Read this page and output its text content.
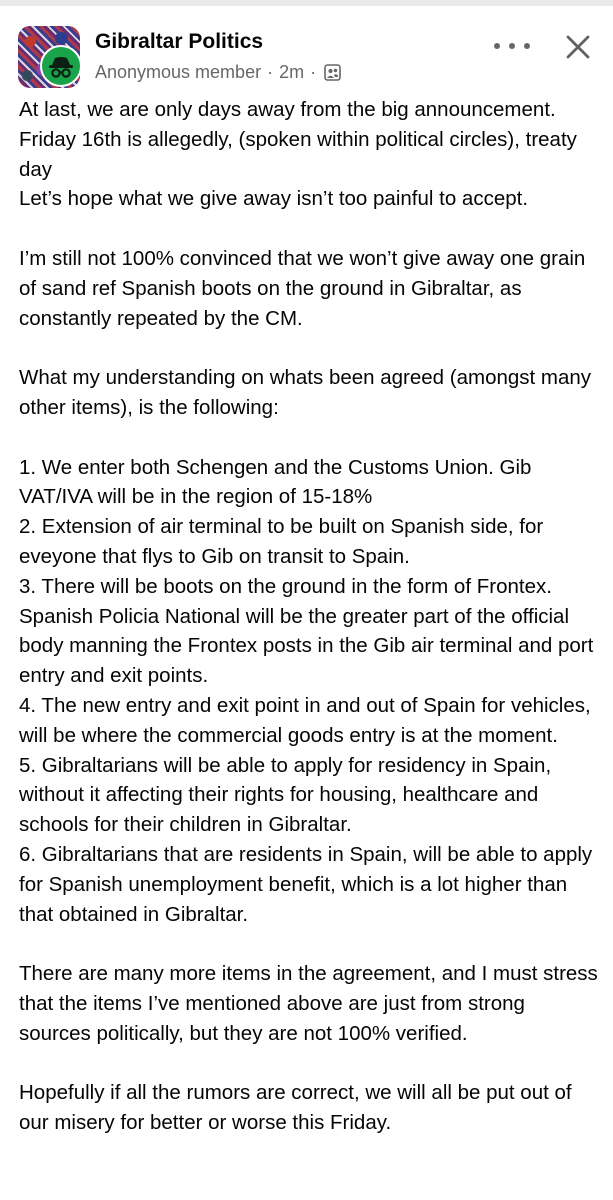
Gibraltar Politics
Anonymous member · 2m ·

At last, we are only days away from the big announcement.

Friday 16th is allegedly, (spoken within political circles), treaty day

Let’s hope what we give away isn’t too painful to accept.

I’m still not 100% convinced that we won’t give away one grain of sand ref Spanish boots on the ground in Gibraltar, as constantly repeated by the CM.

What my understanding on whats been agreed (amongst many other items), is the following:

1. We enter both Schengen and the Customs Union. Gib VAT/IVA will be in the region of 15-18%

2. Extension of air terminal to be built on Spanish side, for eveyone that flys to Gib on transit to Spain.

3. There will be boots on the ground in the form of Frontex. Spanish Policia National will be the greater part of the official body manning the Frontex posts in the Gib air terminal and port entry and exit points.

4. The new entry and exit point in and out of Spain for vehicles, will be where the commercial goods entry is at the moment.

5. Gibraltarians will be able to apply for residency in Spain, without it affecting their rights for housing, healthcare and schools for their children in Gibraltar.

6. Gibraltarians that are residents in Spain, will be able to apply for Spanish unemployment benefit, which is a lot higher than that obtained in Gibraltar.

There are many more items in the agreement, and I must stress that the items I’ve mentioned above are just from strong sources politically, but they are not 100% verified.

Hopefully if all the rumors are correct, we will all be put out of our misery for better or worse this Friday.
